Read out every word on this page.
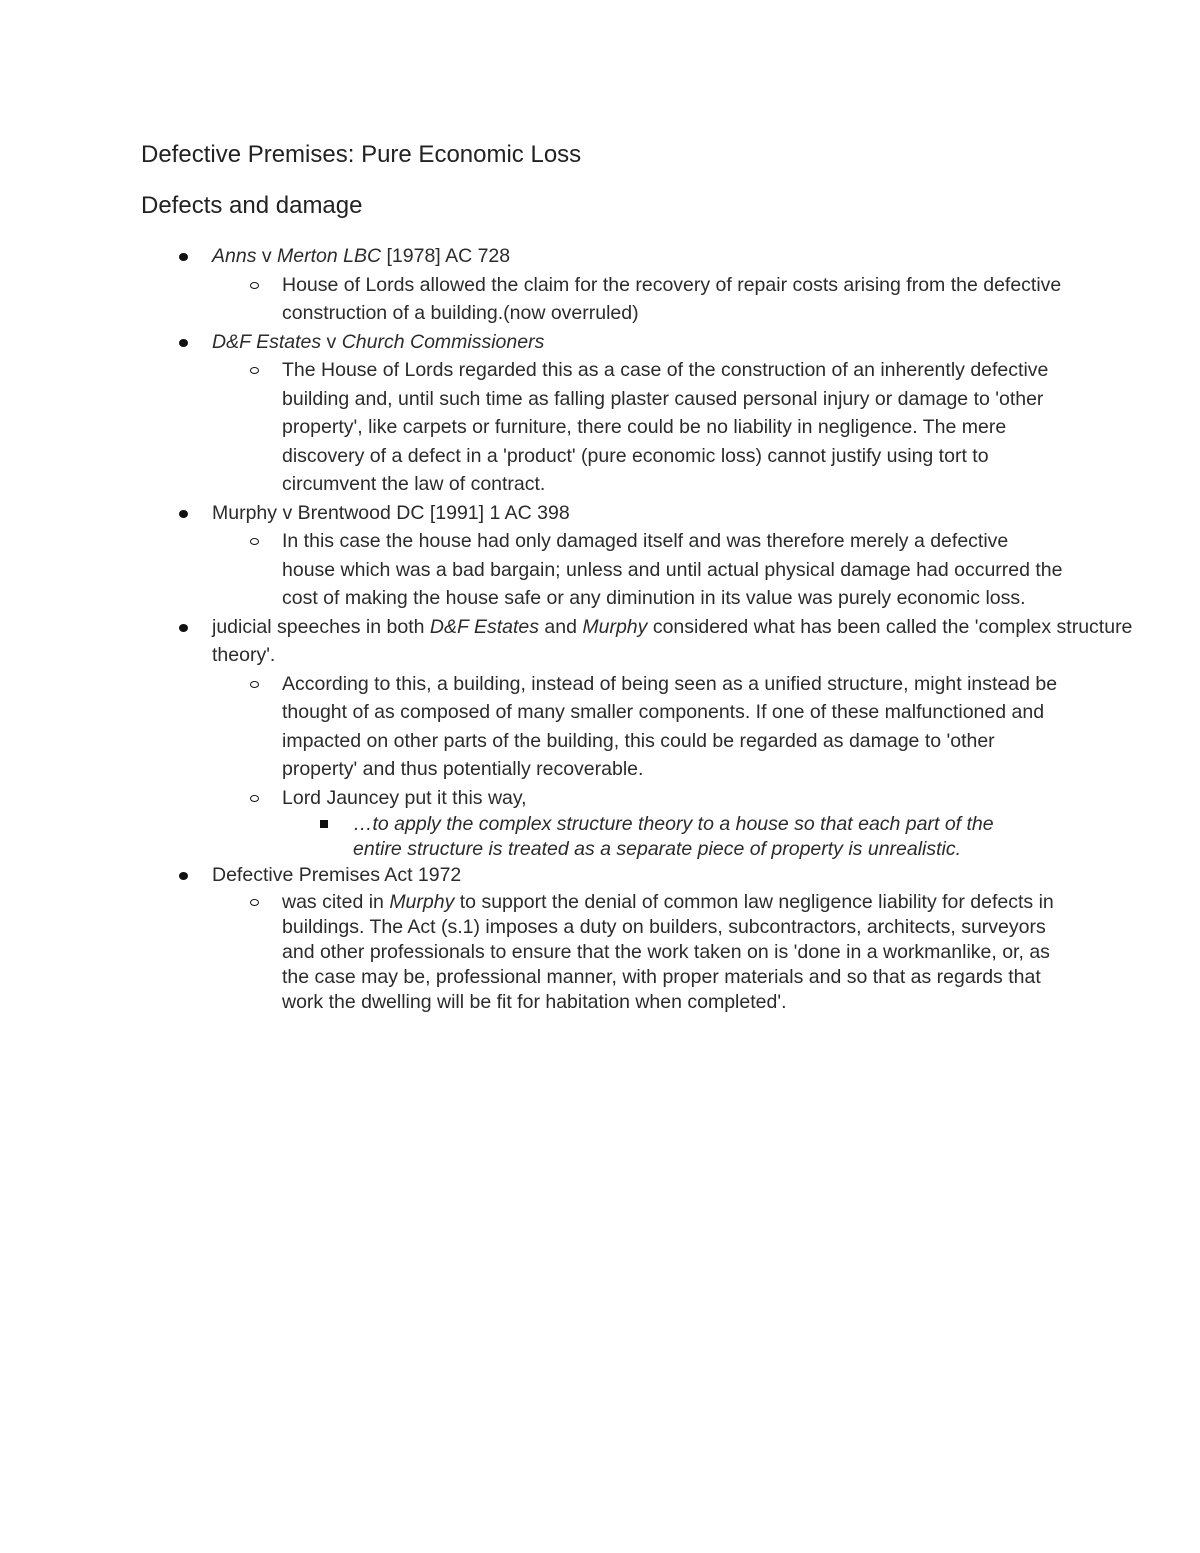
Defective Premises: Pure Economic Loss
Defects and damage
Anns v Merton LBC [1978] AC 728
House of Lords allowed the claim for the recovery of repair costs arising from the defective construction of a building.(now overruled)
D&F Estates v Church Commissioners
The House of Lords regarded this as a case of the construction of an inherently defective building and, until such time as falling plaster caused personal injury or damage to 'other property', like carpets or furniture, there could be no liability in negligence. The mere discovery of a defect in a 'product' (pure economic loss) cannot justify using tort to circumvent the law of contract.
Murphy v Brentwood DC [1991] 1 AC 398
In this case the house had only damaged itself and was therefore merely a defective house which was a bad bargain; unless and until actual physical damage had occurred the cost of making the house safe or any diminution in its value was purely economic loss.
judicial speeches in both D&F Estates and Murphy considered what has been called the 'complex structure theory'.
According to this, a building, instead of being seen as a unified structure, might instead be thought of as composed of many smaller components. If one of these malfunctioned and impacted on other parts of the building, this could be regarded as damage to 'other property' and thus potentially recoverable.
Lord Jauncey put it this way,
…to apply the complex structure theory to a house so that each part of the entire structure is treated as a separate piece of property is unrealistic.
Defective Premises Act 1972
was cited in Murphy to support the denial of common law negligence liability for defects in buildings. The Act (s.1) imposes a duty on builders, subcontractors, architects, surveyors and other professionals to ensure that the work taken on is 'done in a workmanlike, or, as the case may be, professional manner, with proper materials and so that as regards that work the dwelling will be fit for habitation when completed'.
